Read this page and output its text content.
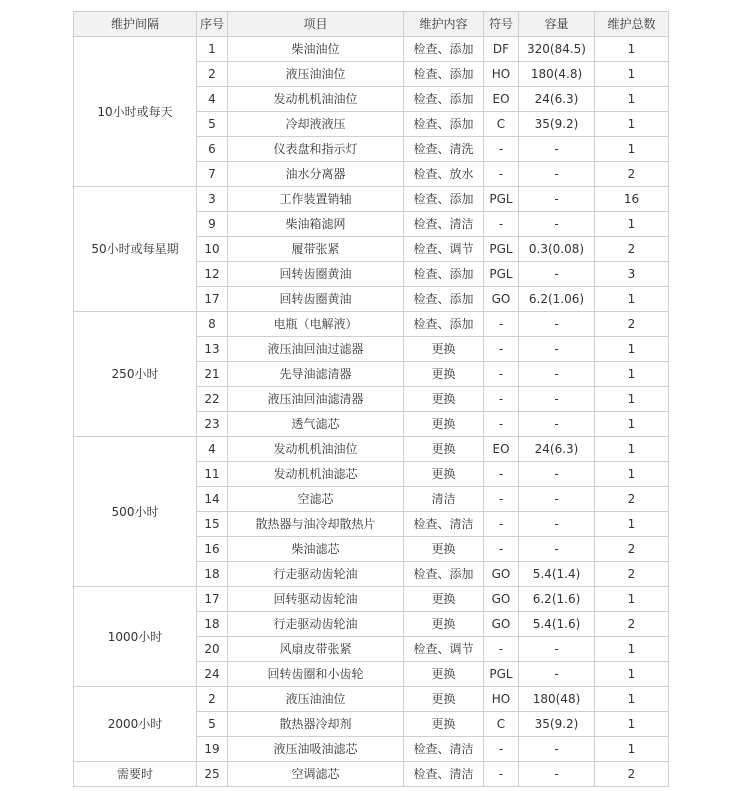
维护间隔	序号	项目	维护内容	符号	容量	维护总数
10小时或每天	1	柴油油位	检查、添加	DF	320(84.5)	1
	2	液压油油位	检查、添加	HO	180(4.8)	1
	4	发动机机油油位	检查、添加	EO	24(6.3)	1
	5	冷却液液压	检查、添加	C	35(9.2)	1
	6	仪表盘和指示灯	检查、清洗	-	-	1
	7	油水分离器	检查、放水	-	-	2
50小时或每星期	3	工作装置销轴	检查、添加	PGL	-	16
	9	柴油箱滤网	检查、清洁	-	-	1
	10	履带张紧	检查、调节	PGL	0.3(0.08)	2
	12	回转齿圈黄油	检查、添加	PGL	-	3
	17	回转齿圈黄油	检查、添加	GO	6.2(1.06)	1
250小时	8	电瓶（电解液）	检查、添加	-	-	2
	13	液压油回油过滤器	更换	-	-	1
	21	先导油滤清器	更换	-	-	1
	22	液压油回油滤清器	更换	-	-	1
	23	透气滤芯	更换	-	-	1
500小时	4	发动机机油油位	更换	EO	24(6.3)	1
	11	发动机机油滤芯	更换	-	-	1
	14	空滤芯	清洁	-	-	2
	15	散热器与油冷却散热片	检查、清洁	-	-	1
	16	柴油滤芯	更换	-	-	2
	18	行走驱动齿轮油	检查、添加	GO	5.4(1.4)	2
1000小时	17	回转驱动齿轮油	更换	GO	6.2(1.6)	1
	18	行走驱动齿轮油	更换	GO	5.4(1.6)	2
	20	风扇皮带张紧	检查、调节	-	-	1
	24	回转齿圈和小齿轮	更换	PGL	-	1
2000小时	2	液压油油位	更换	HO	180(48)	1
	5	散热器冷却剂	更换	C	35(9.2)	1
	19	液压油吸油滤芯	检查、清洁	-	-	1
需要时	25	空调滤芯	检查、清洁	-	-	2
